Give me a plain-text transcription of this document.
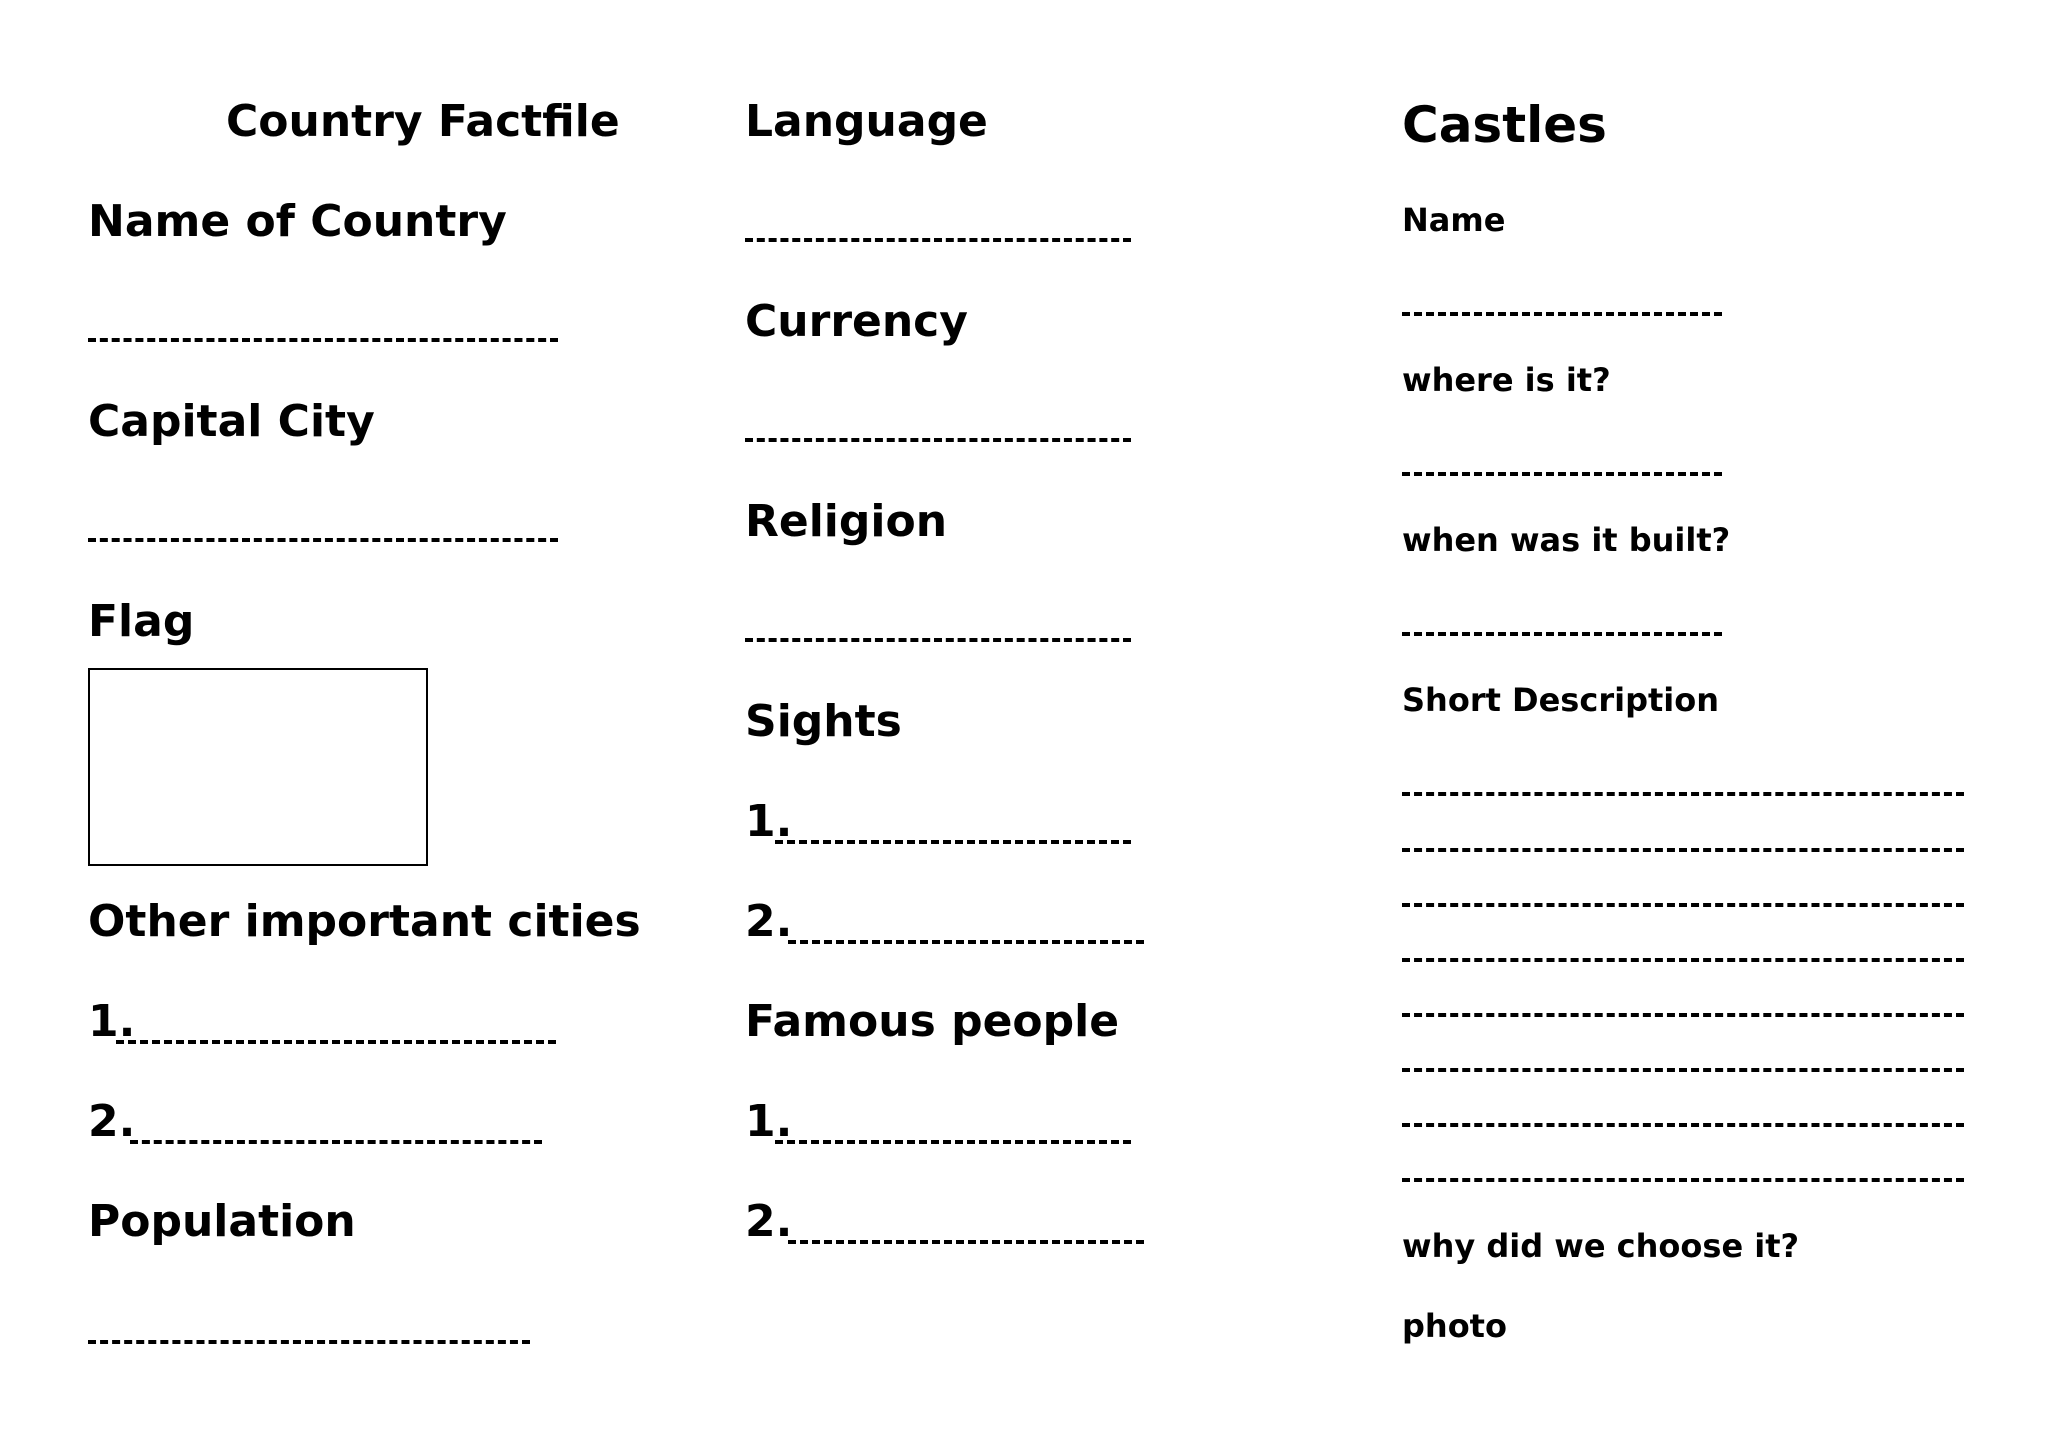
Country Factfile
Name of Country
Capital City
Flag
Other important cities
1.
2.
Population
Language
Currency
Religion
Sights
1.
2.
Famous people
1.
2.
Castles
Name
where is it?
when was it built?
Short Description
why did we choose it?
photo
